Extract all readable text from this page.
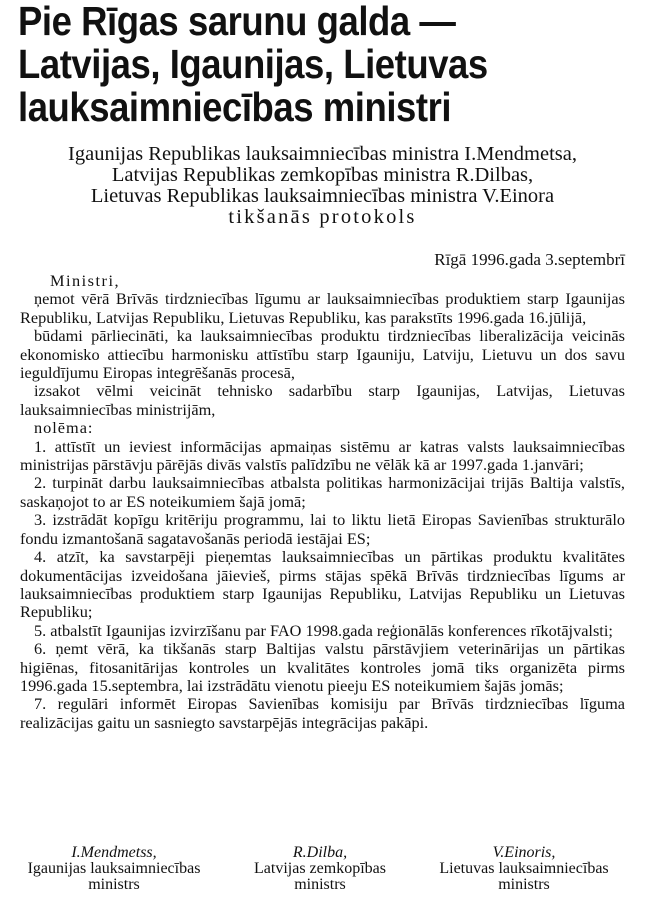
Pie Rīgas sarunu galda —
Latvijas, Igaunijas, Lietuvas
lauksaimniecības ministri
Igaunijas Republikas lauksaimniecības ministra I.Mendmetsa,
Latvijas Republikas zemkopības ministra R.Dilbas,
Lietuvas Republikas lauksaimniecības ministra V.Einora
tikšanās protokols
Rīgā 1996.gada 3.septembrī

Ministri,

ņemot vērā Brīvās tirdzniecības līgumu ar lauksaimniecības produktiem starp Igaunijas Republiku, Latvijas Republiku, Lietuvas Republiku, kas parakstīts 1996.gada 16.jūlijā,

būdami pārliecināti, ka lauksaimniecības produktu tirdzniecības liberalizācija veicinās ekonomisko attiecību harmonisku attīstību starp Igauniju, Latviju, Lietuvu un dos savu ieguldījumu Eiropas integrēšanās procesā,

izsakot vēlmi veicināt tehnisko sadarbību starp Igaunijas, Latvijas, Lietuvas lauksaimniecības ministrijām,

nolēma:

1. attīstīt un ieviest informācijas apmaiņas sistēmu ar katras valsts lauksaimniecības ministrijas pārstāvju pārējās divās valstīs palīdzību ne vēlāk kā ar 1997.gada 1.janvāri;

2. turpināt darbu lauksaimniecības atbalsta politikas harmonizācijai trijās Baltija valstīs, saskaņojot to ar ES noteikumiem šajā jomā;

3. izstrādāt kopīgu kritēriju programmu, lai to liktu lietā Eiropas Savienības strukturālo fondu izmantošanā sagatavošanās periodā iestājai ES;

4. atzīt, ka savstarpēji pieņemtas lauksaimniecības un pārtikas produktu kvalitātes dokumentācijas izveidošana jāievieš, pirms stājas spēkā Brīvās tirdzniecības līgums ar lauksaimniecības produktiem starp Igaunijas Republiku, Latvijas Republiku un Lietuvas Republiku;

5. atbalstīt Igaunijas izvirzīšanu par FAO 1998.gada reģionālās konferences rīkotājvalsti;

6. ņemt vērā, ka tikšanās starp Baltijas valstu pārstāvjiem veterinārijas un pārtikas higiēnas, fitosanitārijas kontroles un kvalitātes kontroles jomā tiks organizēta pirms 1996.gada 15.septembra, lai izstrādātu vienotu pieeju ES noteikumiem šajās jomās;

7. regulāri informēt Eiropas Savienības komisiju par Brīvās tirdzniecības līguma realizācijas gaitu un sasniegto savstarpējās integrācijas pakāpi.

I.Mendmetss,
Igaunijas lauksaimniecības
ministrs
R.Dilba,
Latvijas zemkopības
ministrs
V.Einoris,
Lietuvas lauksaimniecības
ministrs
